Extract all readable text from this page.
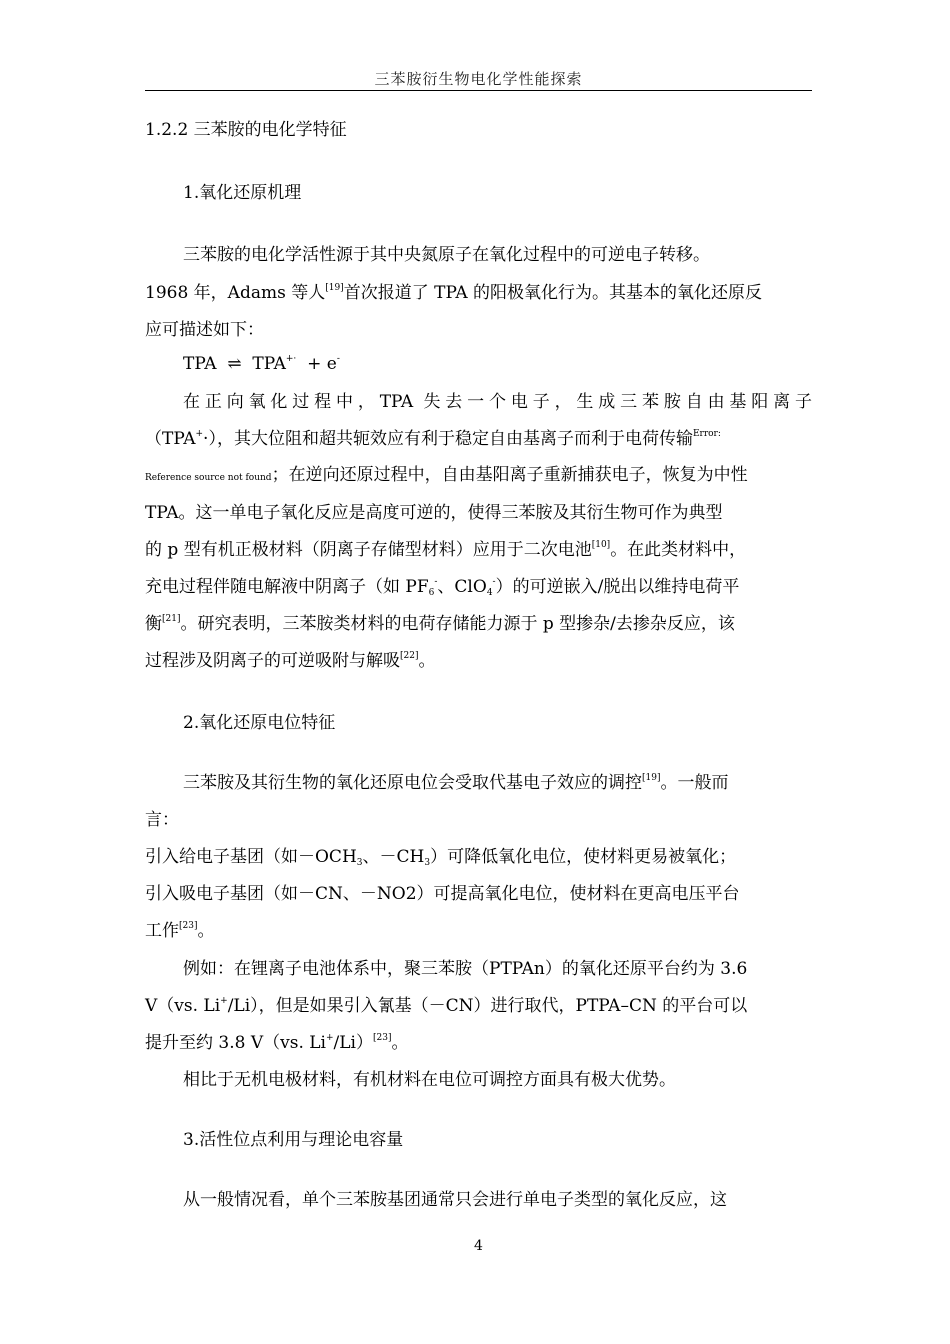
三苯胺衍生物电化学性能探索
1.2.2 三苯胺的电化学特征
1.氧化还原机理
三苯胺的电化学活性源于其中央氮原子在氧化过程中的可逆电子转移。
1968 年，Adams 等人[19]首次报道了 TPA 的阳极氧化行为。其基本的氧化还原反
应可描述如下：
TPA ⇌ TPA+· + e-
在正向氧化过程中，TPA 失去一个电子，生成三苯胺自由基阳离子
（TPA+·），其大位阻和超共轭效应有利于稳定自由基离子而利于电荷传输$^{Error:}$
Reference source not found；在逆向还原过程中，自由基阳离子重新捕获电子，恢复为中性
TPA。这一单电子氧化反应是高度可逆的，使得三苯胺及其衍生物可作为典型
的 p 型有机正极材料（阴离子存储型材料）应用于二次电池[10]。在此类材料中，
充电过程伴随电解液中阴离子（如 $PF_6^-$、ClO$_4$-）的可逆嵌入/脱出以维持电荷平
衡[21]。研究表明，三苯胺类材料的电荷存储能力源于 p 型掺杂/去掺杂反应，该
过程涉及阴离子的可逆吸附与解吸[22]。
2.氧化还原电位特征
三苯胺及其衍生物的氧化还原电位会受取代基电子效应的调控[19]。一般而
言：
引入给电子基团（如$-OCH_3$、$-CH_3$）可降低氧化电位，使材料更易被氧化；
引入吸电子基团（如－CN、－NO2）可提高氧化电位，使材料在更高电压平台
工作[23]。
例如：在锂离子电池体系中，聚三苯胺（PTPAn）的氧化还原平台约为 3.6
V（vs. Li+/Li），但是如果引入氰基（－CN）进行取代，PTPA–CN 的平台可以
提升至约 3.8 V（vs. Li+/Li）[23]。
相比于无机电极材料，有机材料在电位可调控方面具有极大优势。
3.活性位点利用与理论电容量
从一般情况看，单个三苯胺基团通常只会进行单电子类型的氧化反应，这
4
